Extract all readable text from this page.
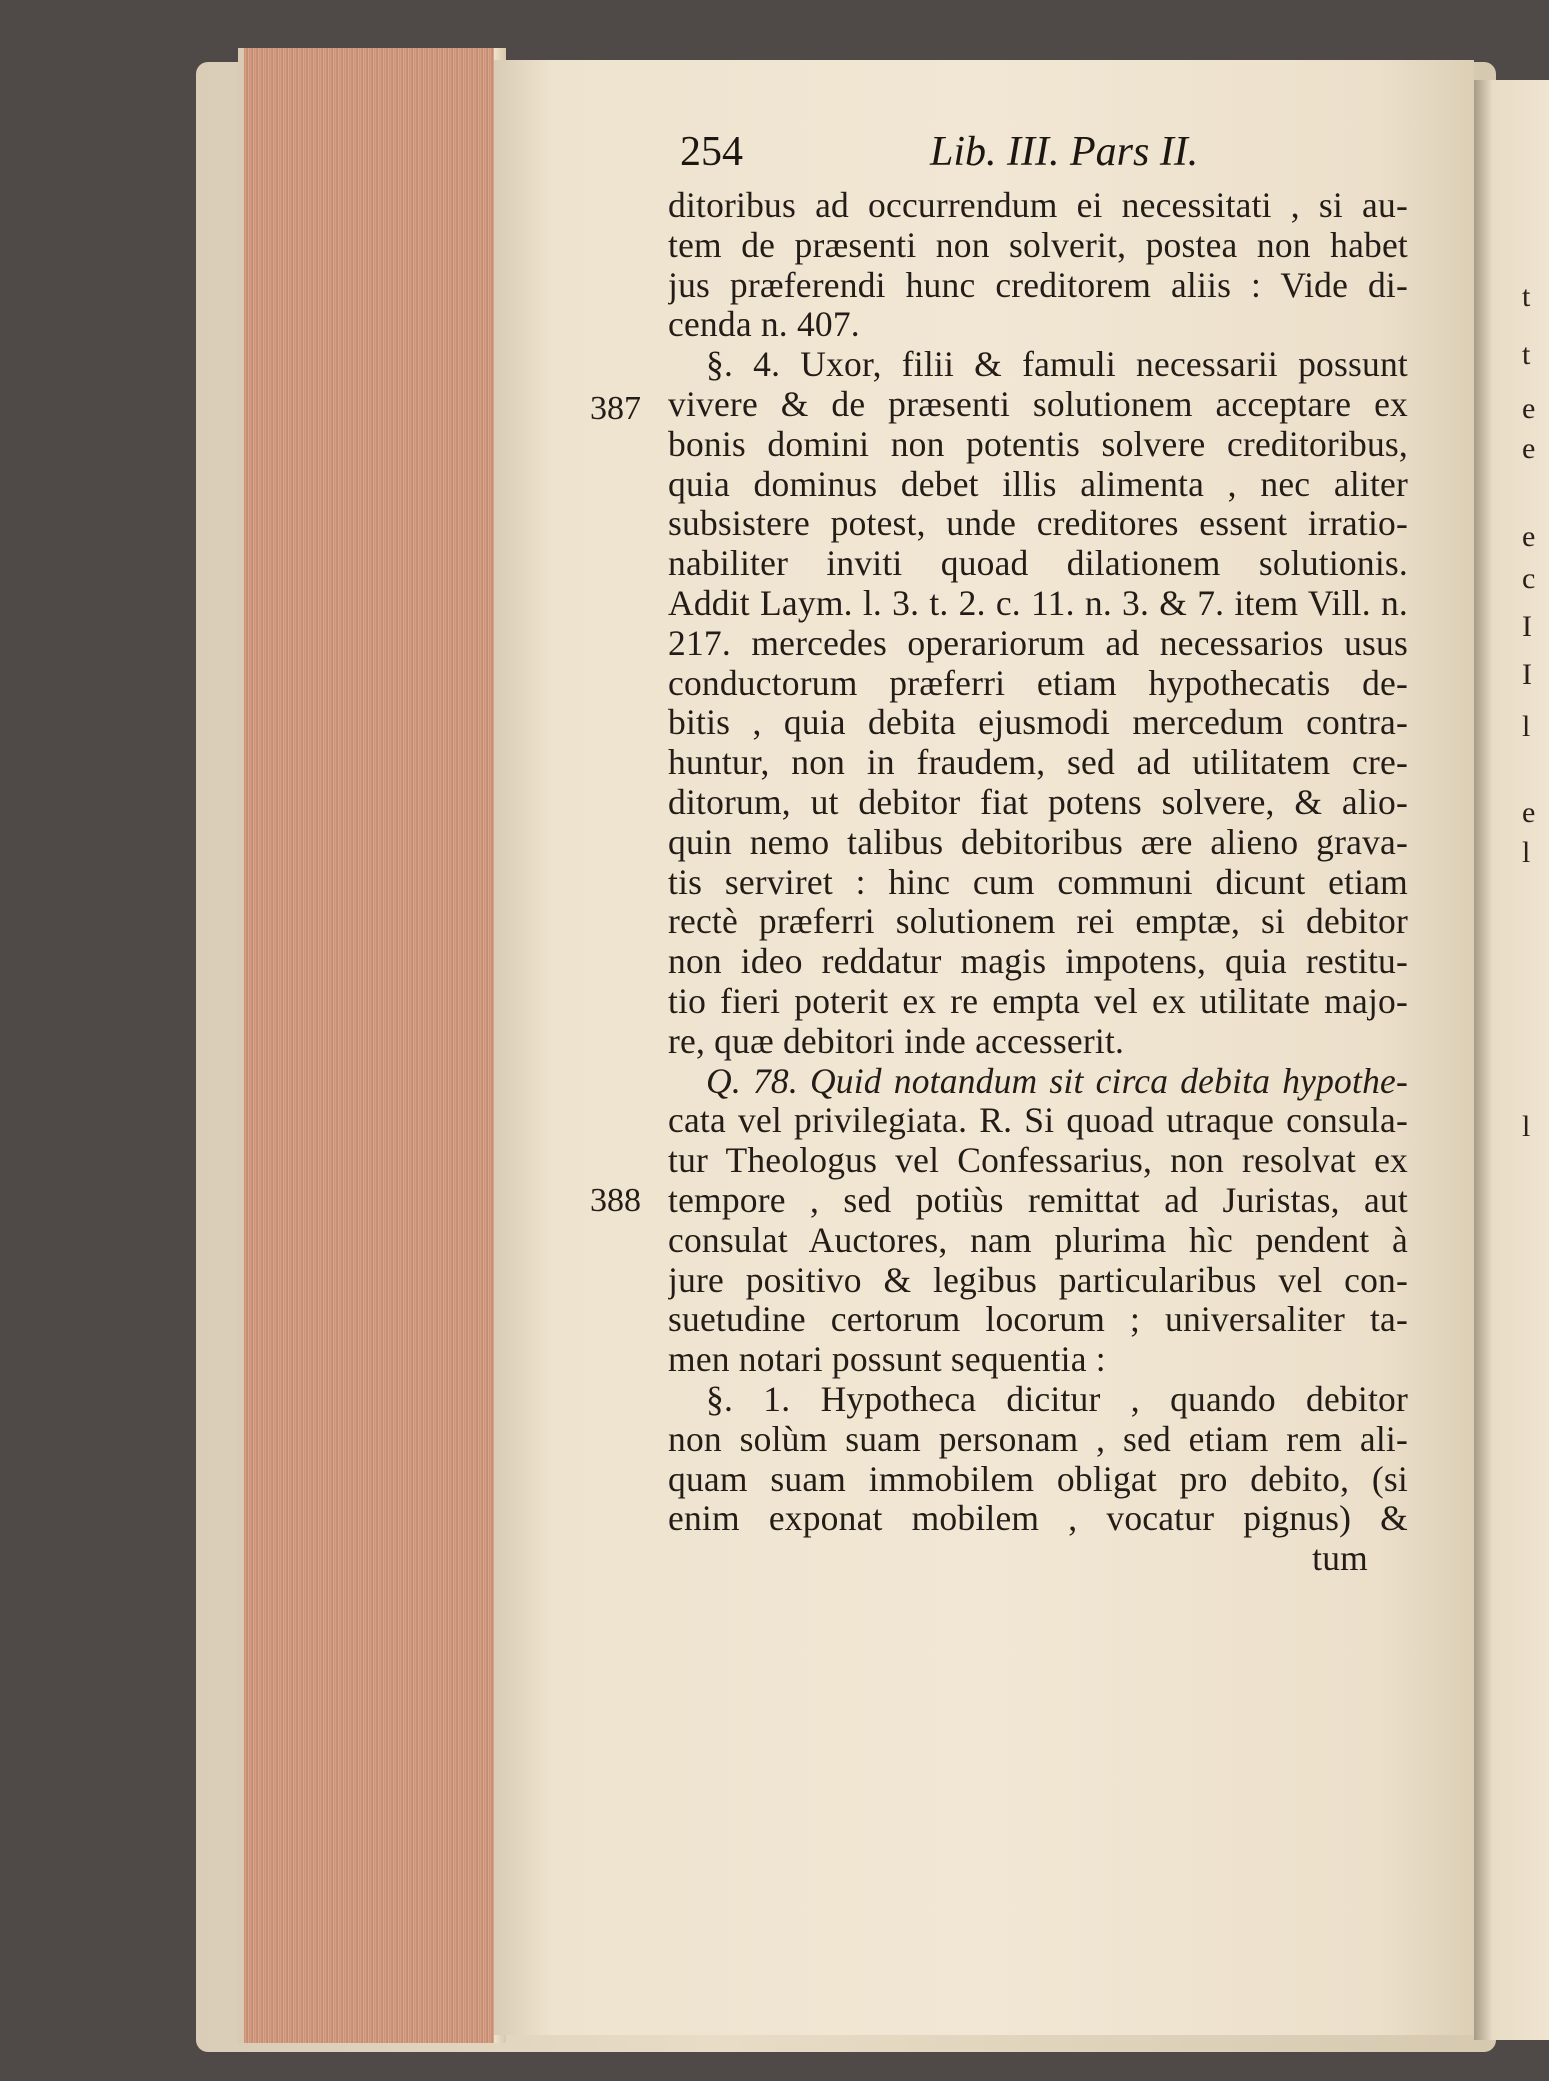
t
t
e
e
e
c
I
I
l
e
l
l
254	Lib. III. Pars II.
387
388
ditoribus ad occurrendum ei necessitati , si au-
tem de præsenti non solverit, postea non habet
jus præferendi hunc creditorem aliis : Vide di-
cenda n. 407.
§. 4. Uxor, filii & famuli necessarii possunt
vivere & de præsenti solutionem acceptare ex
bonis domini non potentis solvere creditoribus,
quia dominus debet illis alimenta , nec aliter
subsistere potest, unde creditores essent irratio-
nabiliter inviti quoad dilationem solutionis.
Addit Laym. l. 3. t. 2. c. 11. n. 3. & 7. item Vill. n.
217. mercedes operariorum ad necessarios usus
conductorum præferri etiam hypothecatis de-
bitis , quia debita ejusmodi mercedum contra-
huntur, non in fraudem, sed ad utilitatem cre-
ditorum, ut debitor fiat potens solvere, & alio-
quin nemo talibus debitoribus ære alieno grava-
tis serviret : hinc cum communi dicunt etiam
rectè præferri solutionem rei emptæ, si debitor
non ideo reddatur magis impotens, quia restitu-
tio fieri poterit ex re empta vel ex utilitate majo-
re, quæ debitori inde accesserit.
Q. 78. Quid notandum sit circa debita hypothe-
cata vel privilegiata. R. Si quoad utraque consula-
tur Theologus vel Confessarius, non resolvat ex
tempore , sed potiùs remittat ad Juristas, aut
consulat Auctores, nam plurima hìc pendent à
jure positivo & legibus particularibus vel con-
suetudine certorum locorum ; universaliter ta-
men notari possunt sequentia :
§. 1. Hypotheca dicitur , quando debitor
non solùm suam personam , sed etiam rem ali-
quam suam immobilem obligat pro debito, (si
enim exponat mobilem , vocatur pignus) &
tum
